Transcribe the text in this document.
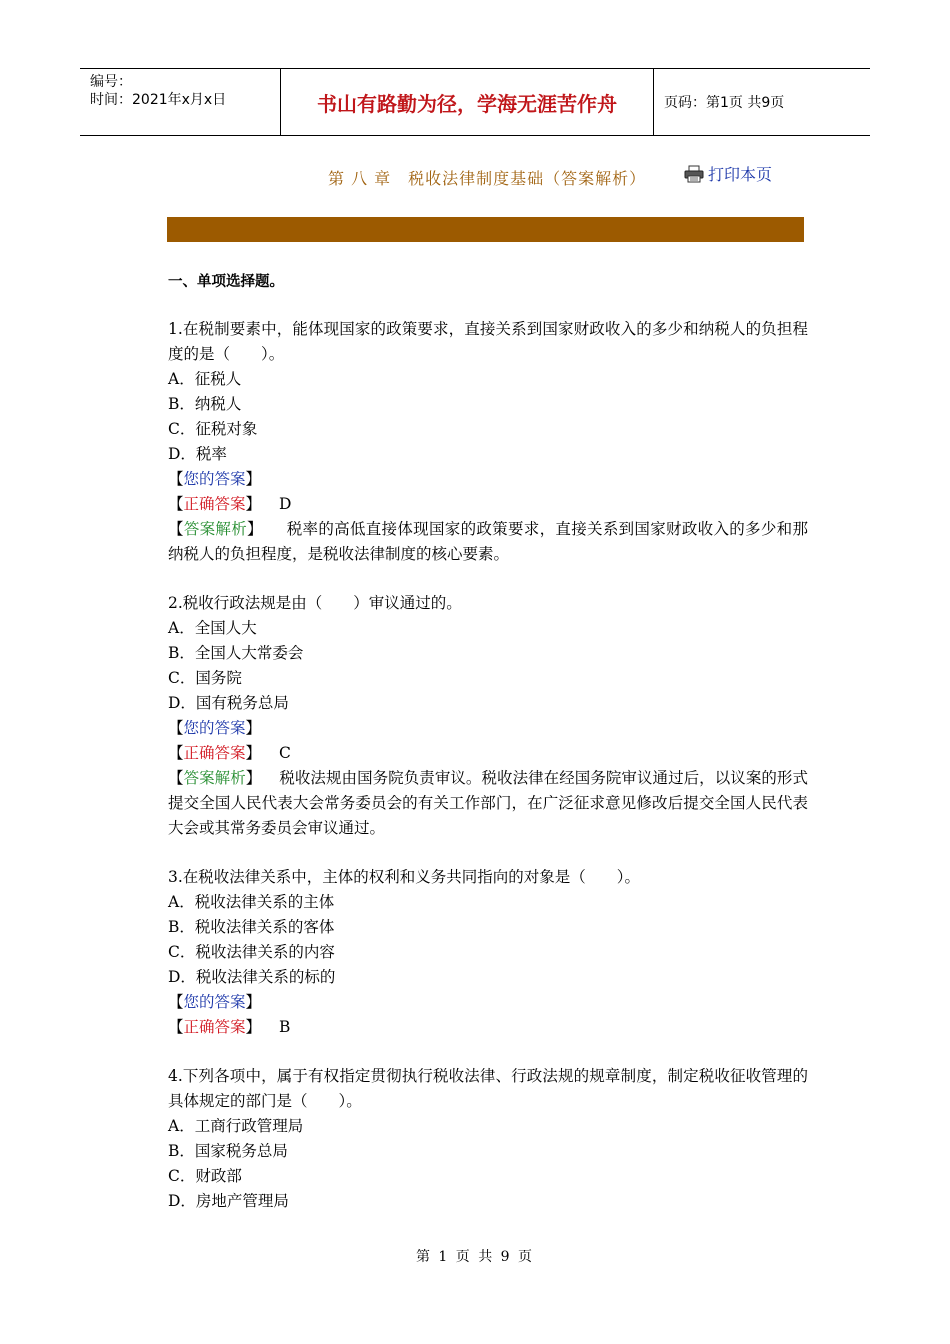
编号：
时间：2021年x月x日	书山有路勤为径，学海无涯苦作舟	页码：第1页 共9页
第 八 章　税收法律制度基础（答案解析）	打印本页
一、单项选择题。
1.在税制要素中，能体现国家的政策要求，直接关系到国家财政收入的多少和纳税人的负担程度的是（　　）。
A．征税人
B．纳税人
C．征税对象
D．税率
【您的答案】
【正确答案】 D
【答案解析】　　税率的高低直接体现国家的政策要求，直接关系到国家财政收入的多少和那纳税人的负担程度，是税收法律制度的核心要素。
2.税收行政法规是由（　　）审议通过的。
A．全国人大
B．全国人大常委会
C．国务院
D．国有税务总局
【您的答案】
【正确答案】 C
【答案解析】 税收法规由国务院负责审议。税收法律在经国务院审议通过后，以议案的形式提交全国人民代表大会常务委员会的有关工作部门，在广泛征求意见修改后提交全国人民代表大会或其常务委员会审议通过。
3.在税收法律关系中，主体的权利和义务共同指向的对象是（　　）。
A．税收法律关系的主体
B．税收法律关系的客体
C．税收法律关系的内容
D．税收法律关系的标的
【您的答案】
【正确答案】 B
4.下列各项中，属于有权指定贯彻执行税收法律、行政法规的规章制度，制定税收征收管理的具体规定的部门是（　　）。
A．工商行政管理局
B．国家税务总局
C．财政部
D．房地产管理局
第 1 页 共 9 页
